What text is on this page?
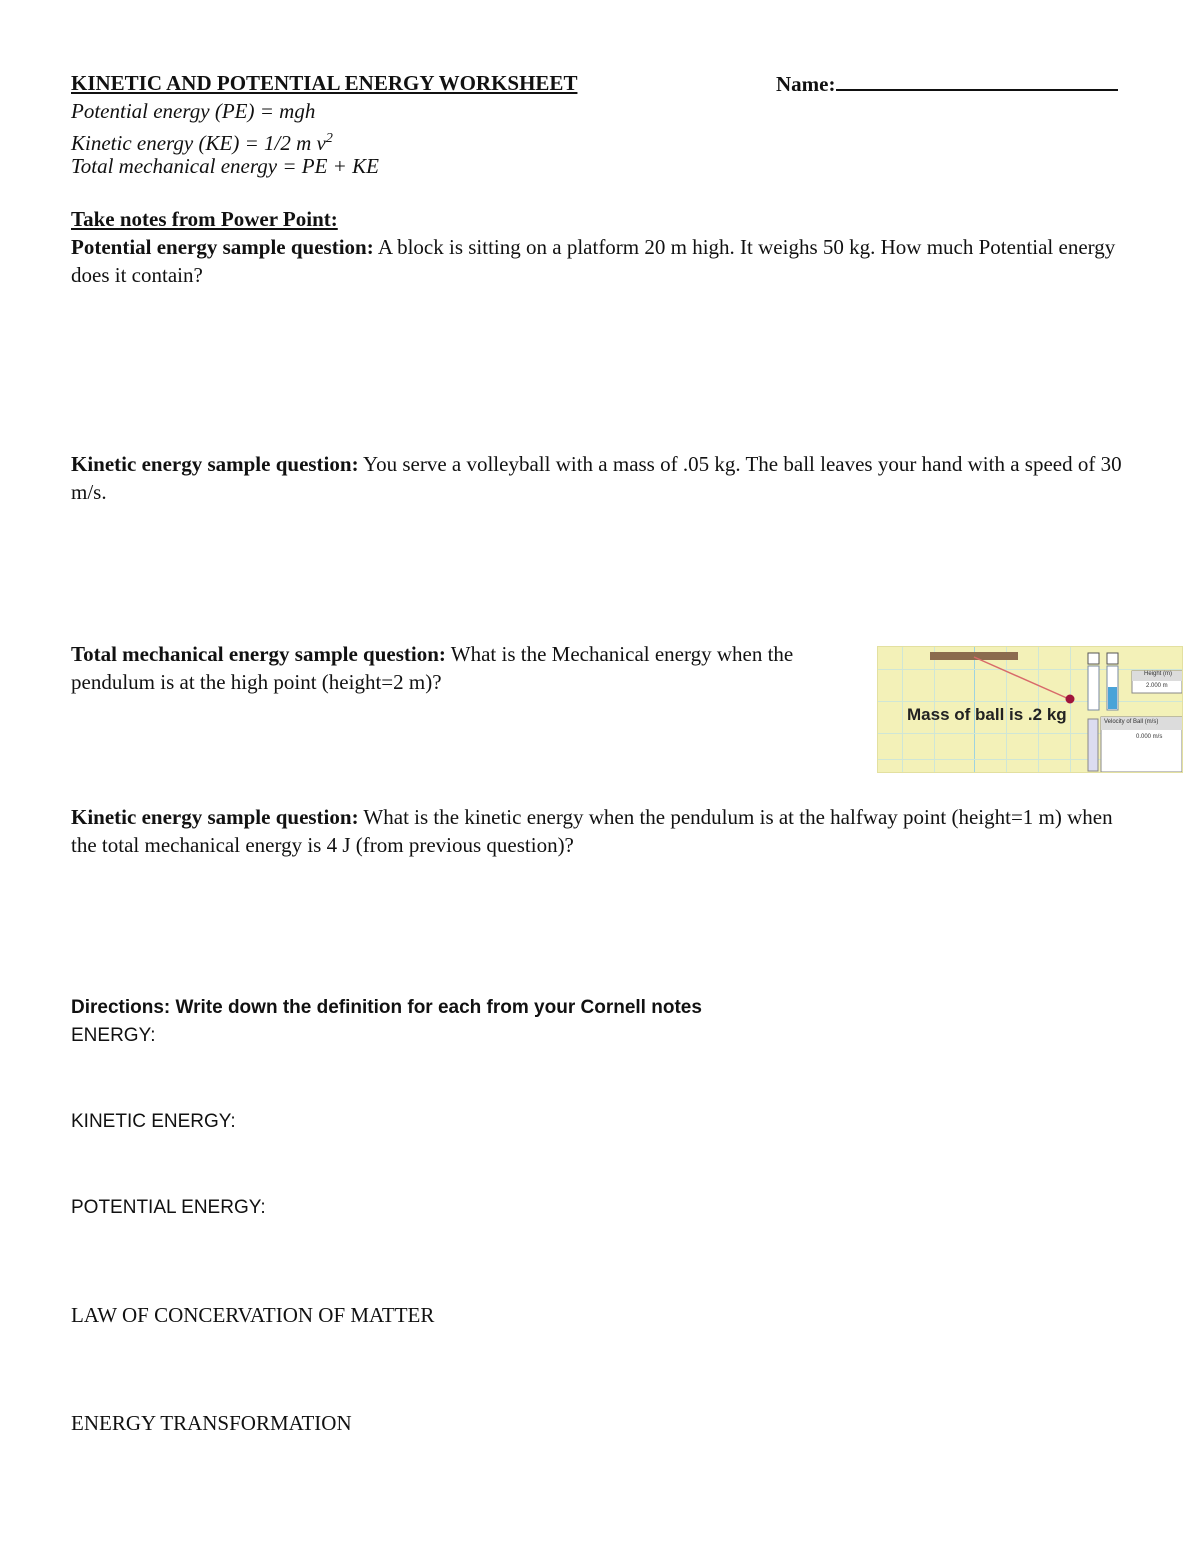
KINETIC AND POTENTIAL ENERGY WORKSHEET	Name:
Potential energy (PE) = mgh
Kinetic energy (KE) = 1/2 m $v^2$
Total mechanical energy = PE + KE
Take notes from Power Point:
Potential energy sample question: A block is sitting on a platform 20 m high. It weighs 50 kg. How much Potential energy does it contain?
Kinetic energy sample question: You serve a volleyball with a mass of .05 kg. The ball leaves your hand with a speed of 30 m/s.
Total mechanical energy sample question: What is the Mechanical energy when the pendulum is at the high point (height=2 m)?
Mass of ball is .2 kg
Height (m)
2.000 m
Velocity of Ball (m/s)
0.000 m/s
Kinetic energy sample question: What is the kinetic energy when the pendulum is at the halfway point (height=1 m) when the total mechanical energy is 4 J (from previous question)?
Directions: Write down the definition for each from your Cornell notes
ENERGY:
KINETIC ENERGY:
POTENTIAL ENERGY:
LAW OF CONCERVATION OF MATTER
ENERGY TRANSFORMATION
